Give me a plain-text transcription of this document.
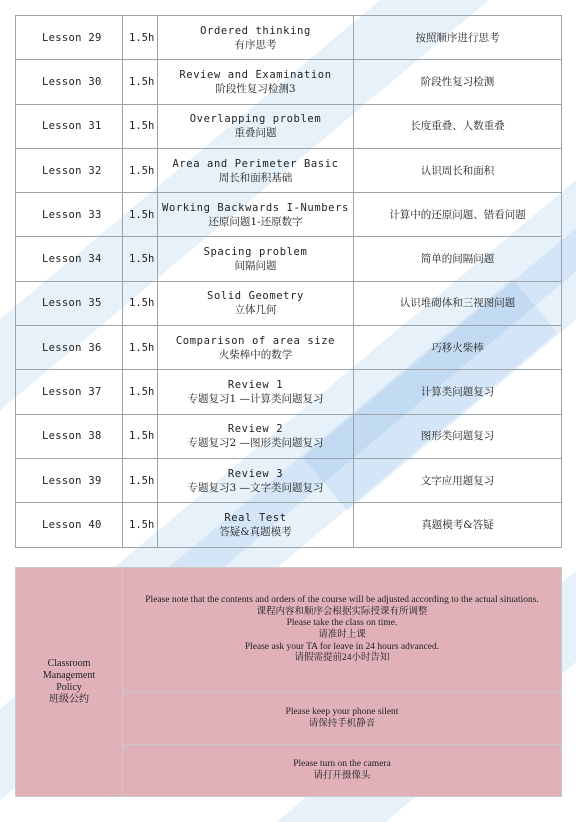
Lesson 29	1.5h	Ordered thinking
有序思考	按照顺序进行思考
Lesson 30	1.5h	Review and Examination
阶段性复习检测3	阶段性复习检测
Lesson 31	1.5h	Overlapping problem
重叠问题	长度重叠、人数重叠
Lesson 32	1.5h	Area and Perimeter Basic
周长和面积基础	认识周长和面积
Lesson 33	1.5h	Working Backwards I-Numbers
还原问题1-还原数字	计算中的还原问题、错看问题
Lesson 34	1.5h	Spacing problem
间隔问题	简单的间隔问题
Lesson 35	1.5h	Solid Geometry
立体几何	认识堆砌体和三视图问题
Lesson 36	1.5h	Comparison of area size
火柴棒中的数学	巧移火柴棒
Lesson 37	1.5h	Review 1
专题复习1 —计算类问题复习	计算类问题复习
Lesson 38	1.5h	Review 2
专题复习2 —图形类问题复习	图形类问题复习
Lesson 39	1.5h	Review 3
专题复习3 —文字类问题复习	文字应用题复习
Lesson 40	1.5h	Real Test
答疑&真题模考	真题模考&答疑
Classroom
Management
Policy
班级公约

Please note that the contents and orders of the course will be adjusted according to the actual situations.
课程内容和顺序会根据实际授课有所调整
Please take the class on time.
请准时上课
Please ask your TA for leave in 24 hours advanced.
请假需提前24小时告知

Please keep your phone silent
请保持手机静音

Please turn on the camera
请打开摄像头
